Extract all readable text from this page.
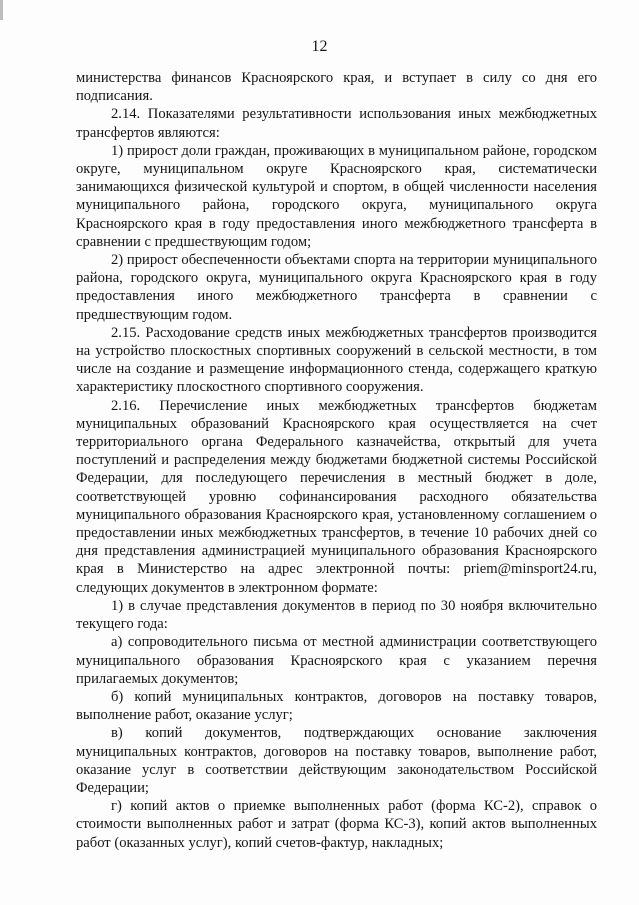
12

министерства финансов Красноярского края, и вступает в силу со дня его подписания.

2.14. Показателями результативности использования иных межбюджетных трансфертов являются:

1) прирост доли граждан, проживающих в муниципальном районе, городском округе, муниципальном округе Красноярского края, систематически занимающихся физической культурой и спортом, в общей численности населения муниципального района, городского округа, муниципального округа Красноярского края в году предоставления иного межбюджетного трансферта в сравнении с предшествующим годом;

2) прирост обеспеченности объектами спорта на территории муниципального района, городского округа, муниципального округа Красноярского края в году предоставления иного межбюджетного трансферта в сравнении с предшествующим годом.

2.15. Расходование средств иных межбюджетных трансфертов производится на устройство плоскостных спортивных сооружений в сельской местности, в том числе на создание и размещение информационного стенда, содержащего краткую характеристику плоскостного спортивного сооружения.

2.16. Перечисление иных межбюджетных трансфертов бюджетам муниципальных образований Красноярского края осуществляется на счет территориального органа Федерального казначейства, открытый для учета поступлений и распределения между бюджетами бюджетной системы Российской Федерации, для последующего перечисления в местный бюджет в доле, соответствующей уровню софинансирования расходного обязательства муниципального образования Красноярского края, установленному соглашением о предоставлении иных межбюджетных трансфертов, в течение 10 рабочих дней со дня представления администрацией муниципального образования Красноярского края в Министерство на адрес электронной почты: priem@minsport24.ru, следующих документов в электронном формате:

1) в случае представления документов в период по 30 ноября включительно текущего года:

а) сопроводительного письма от местной администрации соответствующего муниципального образования Красноярского края с указанием перечня прилагаемых документов;

б) копий муниципальных контрактов, договоров на поставку товаров, выполнение работ, оказание услуг;

в) копий документов, подтверждающих основание заключения муниципальных контрактов, договоров на поставку товаров, выполнение работ, оказание услуг в соответствии действующим законодательством Российской Федерации;

г) копий актов о приемке выполненных работ (форма КС-2), справок о стоимости выполненных работ и затрат (форма КС-3), копий актов выполненных работ (оказанных услуг), копий счетов-фактур, накладных;
